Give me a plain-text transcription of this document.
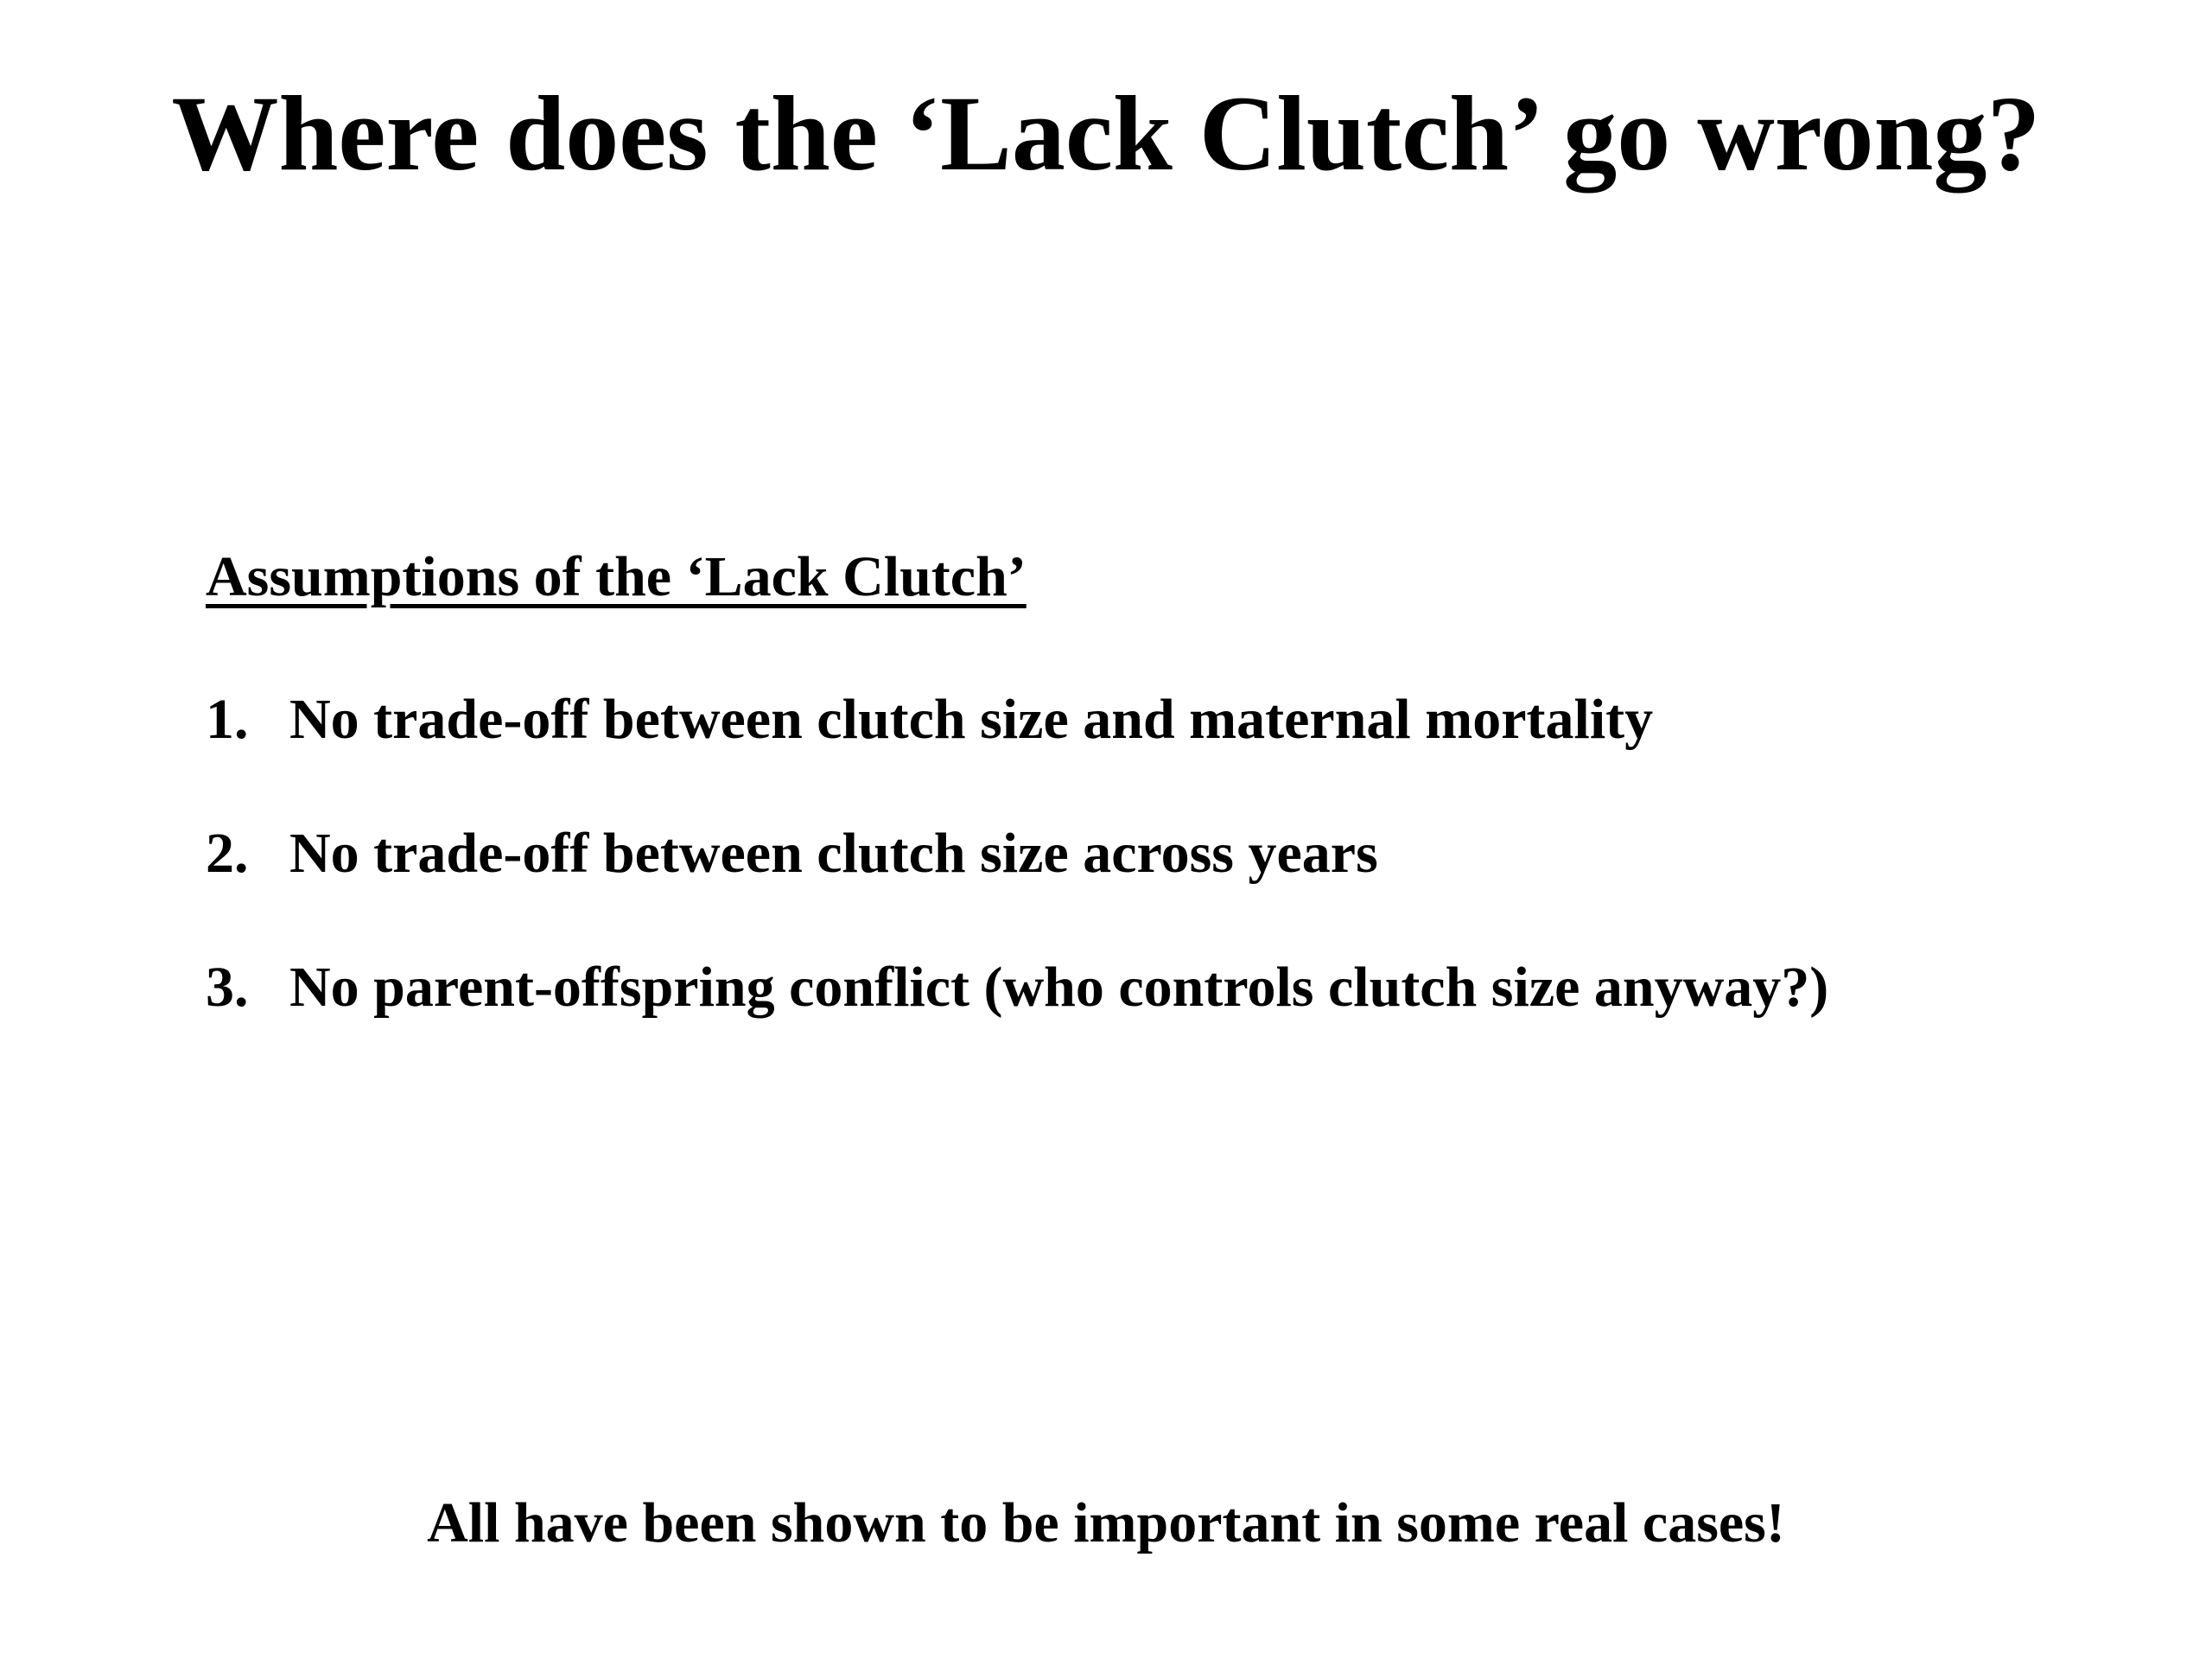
Where does the ‘Lack Clutch’ go wrong?
Assumptions of the ‘Lack Clutch’
1. No trade-off between clutch size and maternal mortality
2. No trade-off between clutch size across years
3. No parent-offspring conflict (who controls clutch size anyway?)
All have been shown to be important in some real cases!
